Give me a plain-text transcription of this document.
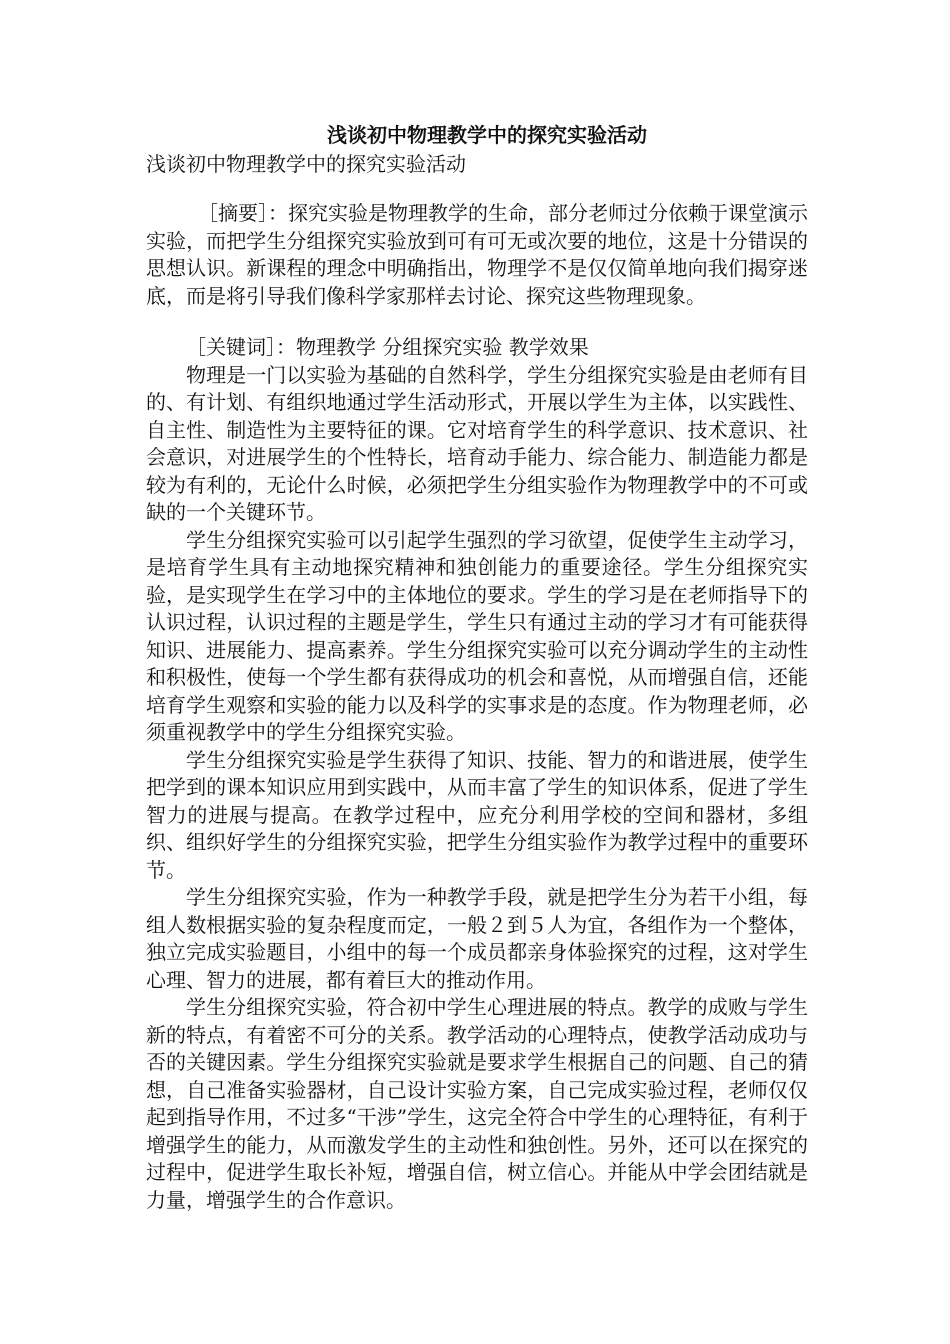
浅谈初中物理教学中的探究实验活动

浅谈初中物理教学中的探究实验活动

［摘要］：探究实验是物理教学的生命，部分老师过分依赖于课堂演示实验，而把学生分组探究实验放到可有可无或次要的地位，这是十分错误的思想认识。新课程的理念中明确指出，物理学不是仅仅简单地向我们揭穿迷底，而是将引导我们像科学家那样去讨论、探究这些物理现象。

［关键词］：物理教学 分组探究实验 教学效果

物理是一门以实验为基础的自然科学，学生分组探究实验是由老师有目的、有计划、有组织地通过学生活动形式，开展以学生为主体，以实践性、自主性、制造性为主要特征的课。它对培育学生的科学意识、技术意识、社会意识，对进展学生的个性特长，培育动手能力、综合能力、制造能力都是较为有利的，无论什么时候，必须把学生分组实验作为物理教学中的不可或缺的一个关键环节。

学生分组探究实验可以引起学生强烈的学习欲望，促使学生主动学习，是培育学生具有主动地探究精神和独创能力的重要途径。学生分组探究实验，是实现学生在学习中的主体地位的要求。学生的学习是在老师指导下的认识过程，认识过程的主题是学生，学生只有通过主动的学习才有可能获得知识、进展能力、提高素养。学生分组探究实验可以充分调动学生的主动性和积极性，使每一个学生都有获得成功的机会和喜悦，从而增强自信，还能培育学生观察和实验的能力以及科学的实事求是的态度。作为物理老师，必须重视教学中的学生分组探究实验。

学生分组探究实验是学生获得了知识、技能、智力的和谐进展，使学生把学到的课本知识应用到实践中，从而丰富了学生的知识体系，促进了学生智力的进展与提高。在教学过程中，应充分利用学校的空间和器材，多组织、组织好学生的分组探究实验，把学生分组实验作为教学过程中的重要环节。

学生分组探究实验，作为一种教学手段，就是把学生分为若干小组，每组人数根据实验的复杂程度而定，一般２到５人为宜，各组作为一个整体，独立完成实验题目，小组中的每一个成员都亲身体验探究的过程，这对学生心理、智力的进展，都有着巨大的推动作用。

学生分组探究实验，符合初中学生心理进展的特点。教学的成败与学生新的特点，有着密不可分的关系。教学活动的心理特点，使教学活动成功与否的关键因素。学生分组探究实验就是要求学生根据自己的问题、自己的猜想，自己准备实验器材，自己设计实验方案，自己完成实验过程，老师仅仅起到指导作用，不过多“干涉”学生，这完全符合中学生的心理特征，有利于增强学生的能力，从而激发学生的主动性和独创性。另外，还可以在探究的过程中，促进学生取长补短，增强自信，树立信心。并能从中学会团结就是力量，增强学生的合作意识。
